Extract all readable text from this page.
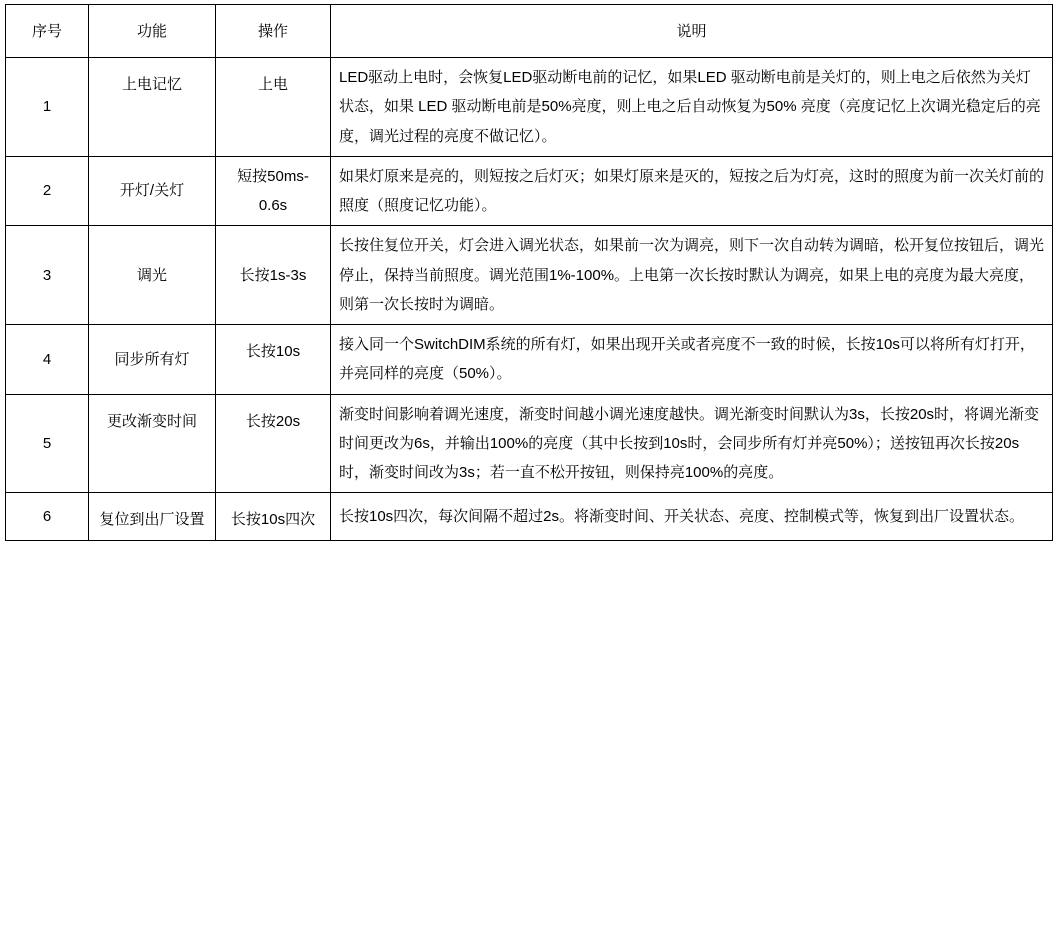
序号	功能	操作	说明
1	上电记忆	上电	LED驱动上电时，会恢复LED驱动断电前的记忆，如果LED 驱动断电前是关灯的，则上电之后依然为关灯状态，如果 LED 驱动断电前是50%亮度，则上电之后自动恢复为50% 亮度（亮度记忆上次调光稳定后的亮度，调光过程的亮度不做记忆）。
2	开灯/关灯	短按50ms-0.6s	如果灯原来是亮的，则短按之后灯灭；如果灯原来是灭的，短按之后为灯亮，这时的照度为前一次关灯前的照度（照度记忆功能）。
3	调光	长按1s-3s	长按住复位开关，灯会进入调光状态，如果前一次为调亮，则下一次自动转为调暗，松开复位按钮后，调光停止，保持当前照度。调光范围1%-100%。上电第一次长按时默认为调亮，如果上电的亮度为最大亮度，则第一次长按时为调暗。
4	同步所有灯	长按10s	接入同一个SwitchDIM系统的所有灯，如果出现开关或者亮度不一致的时候，长按10s可以将所有灯打开，并亮同样的亮度（50%）。
5	更改渐变时间	长按20s	渐变时间影响着调光速度，渐变时间越小调光速度越快。调光渐变时间默认为3s，长按20s时，将调光渐变时间更改为6s，并输出100%的亮度（其中长按到10s时，会同步所有灯并亮50%）；送按钮再次长按20s时，渐变时间改为3s；若一直不松开按钮，则保持亮100%的亮度。
6	复位到出厂设置	长按10s四次	长按10s四次，每次间隔不超过2s。将渐变时间、开关状态、亮度、控制模式等，恢复到出厂设置状态。
